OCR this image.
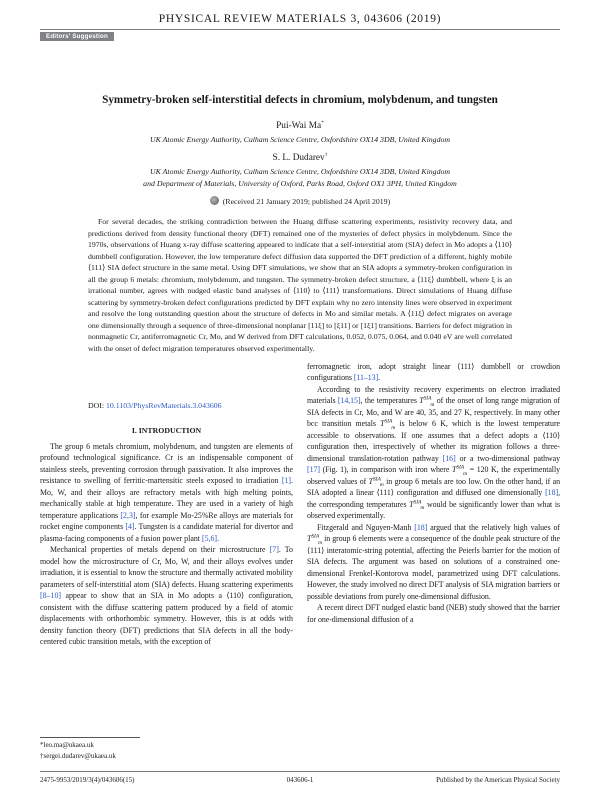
PHYSICAL REVIEW MATERIALS 3, 043606 (2019)
Editors' Suggestion
Symmetry-broken self-interstitial defects in chromium, molybdenum, and tungsten
Pui-Wai Ma*
UK Atomic Energy Authority, Culham Science Centre, Oxfordshire OX14 3DB, United Kingdom
S. L. Dudarev†
UK Atomic Energy Authority, Culham Science Centre, Oxfordshire OX14 3DB, United Kingdom
and Department of Materials, University of Oxford, Parks Road, Oxford OX1 3PH, United Kingdom
(Received 21 January 2019; published 24 April 2019)

For several decades, the striking contradiction between the Huang diffuse scattering experiments, resistivity recovery data, and predictions derived from density functional theory (DFT) remained one of the mysteries of defect physics in molybdenum. Since the 1970s, observations of Huang x-ray diffuse scattering appeared to indicate that a self-interstitial atom (SIA) defect in Mo adopts a ⟨110⟩ dumbbell configuration. However, the low temperature defect diffusion data supported the DFT prediction of a different, highly mobile ⟨111⟩ SIA defect structure in the same metal. Using DFT simulations, we show that an SIA adopts a symmetry-broken configuration in all the group 6 metals: chromium, molybdenum, and tungsten. The symmetry-broken defect structure, a ⟨11ξ⟩ dumbbell, where ξ is an irrational number, agrees with nudged elastic band analyses of ⟨110⟩ to ⟨111⟩ transformations. Direct simulations of Huang diffuse scattering by symmetry-broken defect configurations predicted by DFT explain why no zero intensity lines were observed in experiment and resolve the long outstanding question about the structure of defects in Mo and similar metals. A ⟨11ξ⟩ defect migrates on average one dimensionally through a sequence of three-dimensional nonplanar [11ξ] to [ξ11] or [1ξ1] transitions. Barriers for defect migration in nonmagnetic Cr, antiferromagnetic Cr, Mo, and W derived from DFT calculations, 0.052, 0.075, 0.064, and 0.040 eV are well correlated with the onset of defect migration temperatures observed experimentally.

DOI: 10.1103/PhysRevMaterials.3.043606
I. INTRODUCTION

The group 6 metals chromium, molybdenum, and tungsten are elements of profound technological significance. Cr is an indispensable component of stainless steels, preventing corrosion through passivation. It also improves the resistance to swelling of ferritic-martensitic steels exposed to irradiation [1]. Mo, W, and their alloys are refractory metals with high melting points, mechanically stable at high temperature. They are used in a variety of high temperature applications [2,3], for example Mo-25%Re alloys are materials for rocket engine components [4]. Tungsten is a candidate material for divertor and plasma-facing components of a fusion power plant [5,6].

Mechanical properties of metals depend on their microstructure [7]. To model how the microstructure of Cr, Mo, W, and their alloys evolves under irradiation, it is essential to know the structure and thermally activated mobility parameters of self-interstitial atom (SIA) defects. Huang scattering experiments [8–10] appear to show that an SIA in Mo adopts a ⟨110⟩ configuration, consistent with the diffuse scattering pattern produced by a field of atomic displacements with orthorhombic symmetry. However, this is at odds with density function theory (DFT) predictions that SIA defects in all the body-centered cubic transition metals, with the exception of

ferromagnetic iron, adopt straight linear ⟨111⟩ dumbbell or crowdion configurations [11–13].

According to the resistivity recovery experiments on electron irradiated materials [14,15], the temperatures $T^{SIA}_m$ of the onset of long range migration of SIA defects in Cr, Mo, and W are 40, 35, and 27 K, respectively. In many other bcc transition metals $T^{SIA}_m$ is below 6 K, which is the lowest temperature accessible to observations. If one assumes that a defect adopts a ⟨110⟩ configuration then, irrespectively of whether its migration follows a three-dimensional translation-rotation pathway [16] or a two-dimensional pathway [17] (Fig. 1), in comparison with iron where $T^{SIA}_m = 120$ K, the experimentally observed values of $T^{SIA}_m$ in group 6 metals are too low. On the other hand, if an SIA adopted a linear ⟨111⟩ configuration and diffused one dimensionally [18], the corresponding temperatures $T^{SIA}_m$ would be significantly lower than what is observed experimentally.

Fitzgerald and Nguyen-Manh [18] argued that the relatively high values of $T^{SIA}_m$ in group 6 elements were a consequence of the double peak structure of the ⟨111⟩ interatomic-string potential, affecting the Peierls barrier for the motion of SIA defects. The argument was based on solutions of a constrained one-dimensional Frenkel-Kontorova model, parametrized using DFT calculations. However, the study involved no direct DFT analysis of SIA migration barriers or possible deviations from purely one-dimensional diffusion.

A recent direct DFT nudged elastic band (NEB) study showed that the barrier for one-dimensional diffusion of a

*leo.ma@ukaea.uk
†sergei.dudarev@ukaea.uk
2475-9953/2019/3(4)/043606(15)	043606-1	Published by the American Physical Society
